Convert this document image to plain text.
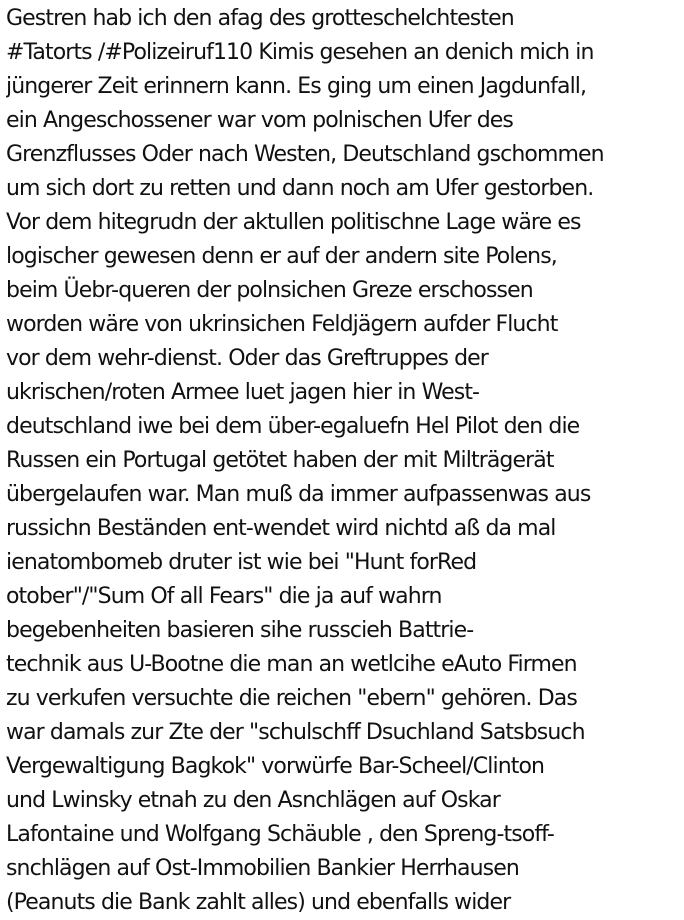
Gestren hab ich den afag des grotteschelchtesten
#Tatorts /#Polizeiruf110 Kimis gesehen an denich mich in
jüngerer Zeit erinnern kann. Es ging um einen Jagdunfall,
ein Angeschossener war vom polnischen Ufer des
Grenzflusses Oder nach Westen, Deutschland gschommen
um sich dort zu retten und dann noch am Ufer gestorben.
Vor dem hitegrudn der aktullen politischne Lage wäre es
logischer gewesen denn er auf der andern site Polens,
beim Üebr-queren der polnsichen Greze erschossen
worden wäre von ukrinsichen Feldjägern aufder Flucht
vor dem wehr-dienst. Oder das Greftruppes der
ukrischen/roten Armee luet jagen hier in West-
deutschland iwe bei dem über-egaluefn Hel Pilot den die
Russen ein Portugal getötet haben der mit Milträgerät
übergelaufen war. Man muß da immer aufpassenwas aus
russichn Beständen ent-wendet wird nichtd aß da mal
ienatombomeb druter ist wie bei "Hunt forRed
otober"/"Sum Of all Fears" die ja auf wahrn
begebenheiten basieren sihe russcieh Battrie-
technik aus U-Bootne die man an wetlcihe eAuto Firmen
zu verkufen versuchte die reichen "ebern" gehören. Das
war damals zur Zte der "schulschff Dsuchland Satsbsuch
Vergewaltigung Bagkok" vorwürfe Bar-Scheel/Clinton
und Lwinsky etnah zu den Asnchlägen auf Oskar
Lafontaine und Wolfgang Schäuble , den Spreng-tsoff-
snchlägen auf Ost-Immobilien Bankier Herrhausen
(Peanuts die Bank zahlt alles) und ebenfalls wider
